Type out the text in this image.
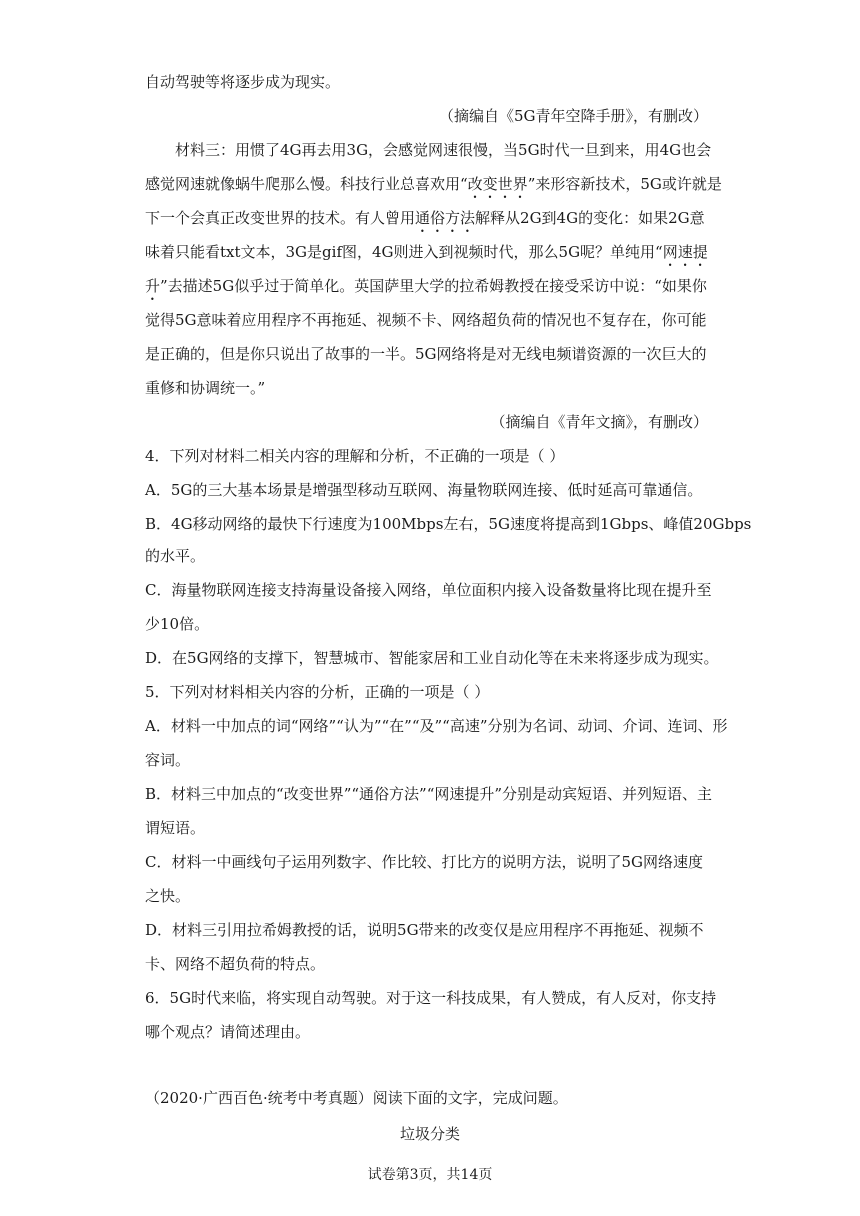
自动驾驶等将逐步成为现实。
（摘编自《5G青年空降手册》，有删改）
材料三：用惯了4G再去用3G，会感觉网速很慢，当5G时代一旦到来，用4G也会
感觉网速就像蜗牛爬那么慢。科技行业总喜欢用“改变世界”来形容新技术，5G或许就是
下一个会真正改变世界的技术。有人曾用通俗方法解释从2G到4G的变化：如果2G意
味着只能看txt文本，3G是gif图，4G则进入到视频时代，那么5G呢？单纯用“网速提
升”去描述5G似乎过于简单化。英国萨里大学的拉希姆教授在接受采访中说：“如果你
觉得5G意味着应用程序不再拖延、视频不卡、网络超负荷的情况也不复存在，你可能
是正确的，但是你只说出了故事的一半。5G网络将是对无线电频谱资源的一次巨大的
重修和协调统一。”
（摘编自《青年文摘》，有删改）
4．下列对材料二相关内容的理解和分析，不正确的一项是（ ）
A．5G的三大基本场景是增强型移动互联网、海量物联网连接、低时延高可靠通信。
B．4G移动网络的最快下行速度为100Mbps左右，5G速度将提高到1Gbps、峰值20Gbps
的水平。
C．海量物联网连接支持海量设备接入网络，单位面积内接入设备数量将比现在提升至
少10倍。
D．在5G网络的支撑下，智慧城市、智能家居和工业自动化等在未来将逐步成为现实。
5．下列对材料相关内容的分析，正确的一项是（ ）
A．材料一中加点的词“网络”“认为”“在”“及”“高速”分别为名词、动词、介词、连词、形
容词。
B．材料三中加点的“改变世界”“通俗方法”“网速提升”分别是动宾短语、并列短语、主
谓短语。
C．材料一中画线句子运用列数字、作比较、打比方的说明方法，说明了5G网络速度
之快。
D．材料三引用拉希姆教授的话，说明5G带来的改变仅是应用程序不再拖延、视频不
卡、网络不超负荷的特点。
6．5G时代来临，将实现自动驾驶。对于这一科技成果，有人赞成，有人反对，你支持
哪个观点？请简述理由。
（2020·广西百色·统考中考真题）阅读下面的文字，完成问题。
垃圾分类
试卷第3页，共14页
